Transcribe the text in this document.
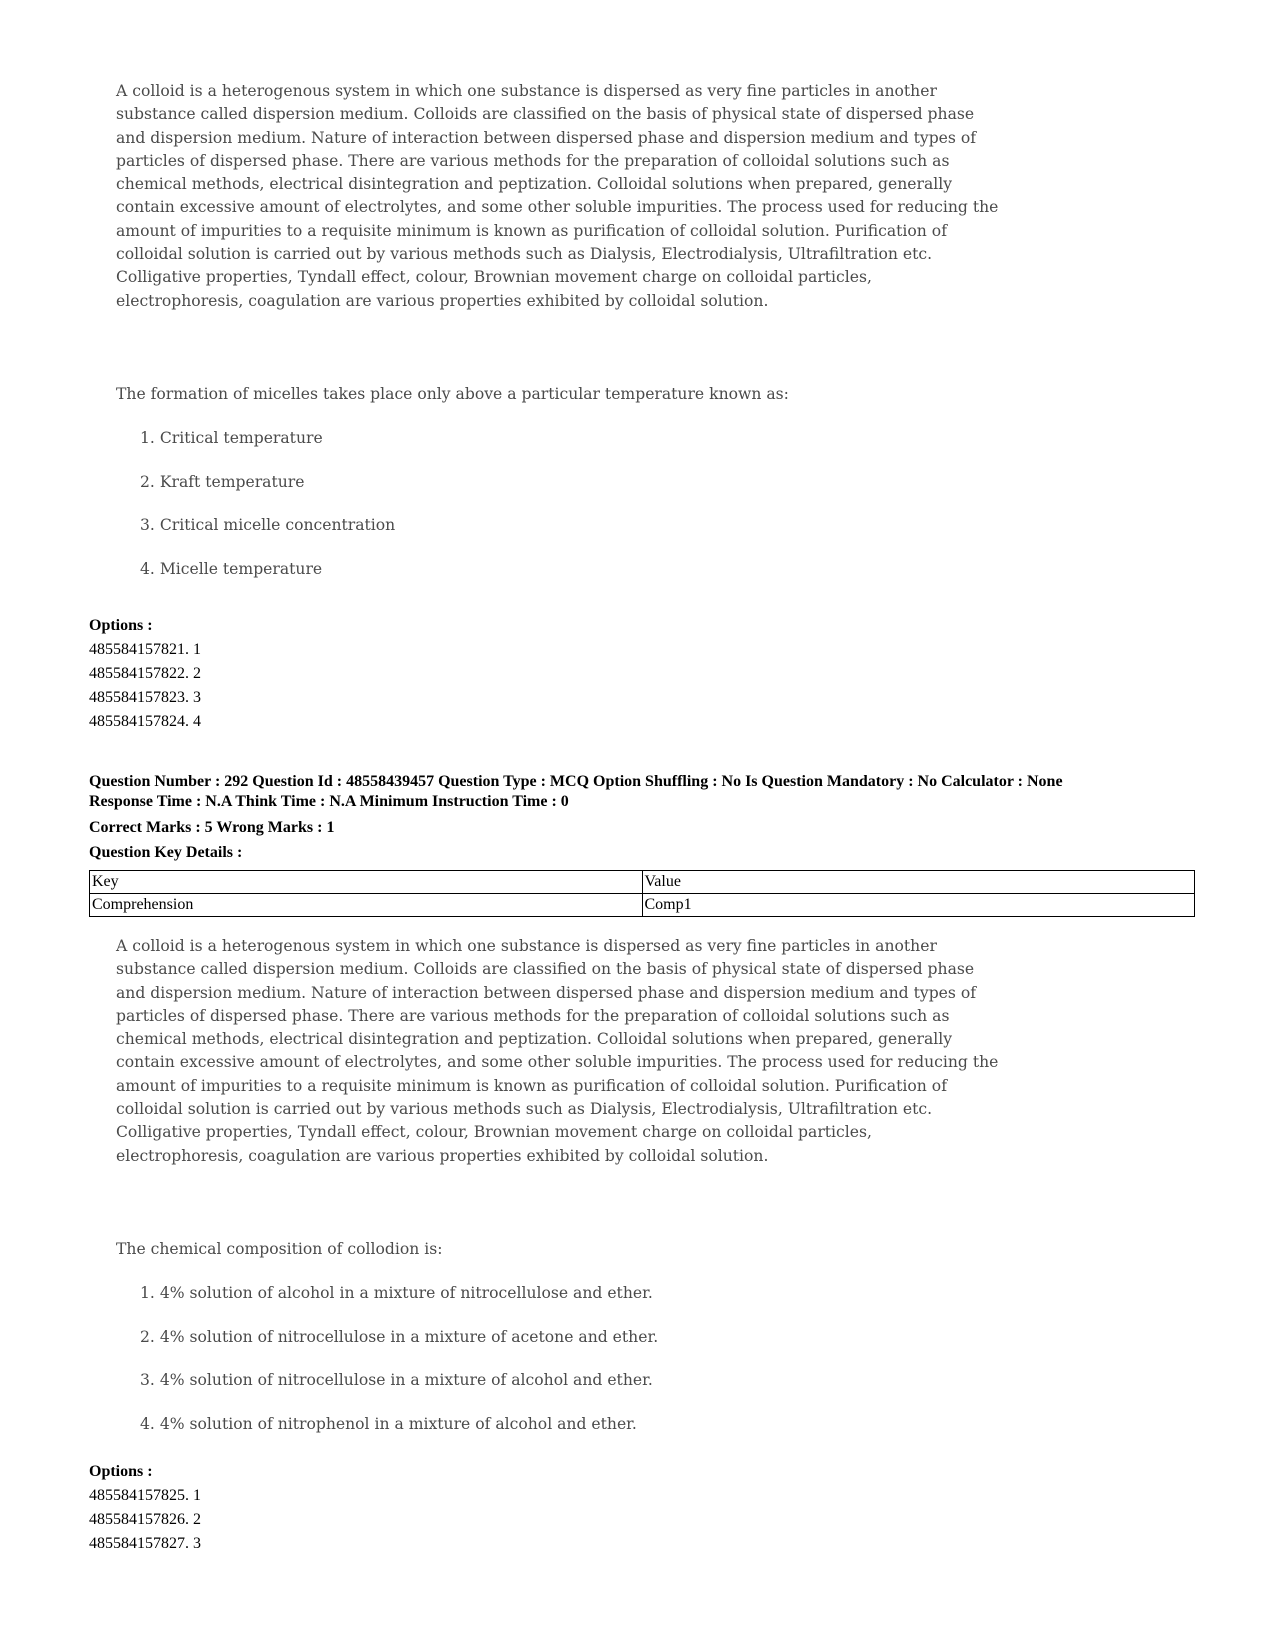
A colloid is a heterogenous system in which one substance is dispersed as very fine particles in another

substance called dispersion medium. Colloids are classified on the basis of physical state of dispersed phase

and dispersion medium. Nature of interaction between dispersed phase and dispersion medium and types of

particles of dispersed phase. There are various methods for the preparation of colloidal solutions such as

chemical methods, electrical disintegration and peptization. Colloidal solutions when prepared, generally

contain excessive amount of electrolytes, and some other soluble impurities. The process used for reducing the

amount of impurities to a requisite minimum is known as purification of colloidal solution. Purification of

colloidal solution is carried out by various methods such as Dialysis, Electrodialysis, Ultrafiltration etc.

Colligative properties, Tyndall effect, colour, Brownian movement charge on colloidal particles,

electrophoresis, coagulation are various properties exhibited by colloidal solution.

The formation of micelles takes place only above a particular temperature known as:
1. Critical temperature
2. Kraft temperature
3. Critical micelle concentration
4. Micelle temperature
Options :
485584157821. 1
485584157822. 2
485584157823. 3
485584157824. 4
Question Number : 292 Question Id : 48558439457 Question Type : MCQ Option Shuffling : No Is Question Mandatory : No Calculator : None
Response Time : N.A Think Time : N.A Minimum Instruction Time : 0
Correct Marks : 5 Wrong Marks : 1
Question Key Details :
Key	Value
Comprehension	Comp1

A colloid is a heterogenous system in which one substance is dispersed as very fine particles in another

substance called dispersion medium. Colloids are classified on the basis of physical state of dispersed phase

and dispersion medium. Nature of interaction between dispersed phase and dispersion medium and types of

particles of dispersed phase. There are various methods for the preparation of colloidal solutions such as

chemical methods, electrical disintegration and peptization. Colloidal solutions when prepared, generally

contain excessive amount of electrolytes, and some other soluble impurities. The process used for reducing the

amount of impurities to a requisite minimum is known as purification of colloidal solution. Purification of

colloidal solution is carried out by various methods such as Dialysis, Electrodialysis, Ultrafiltration etc.

Colligative properties, Tyndall effect, colour, Brownian movement charge on colloidal particles,

electrophoresis, coagulation are various properties exhibited by colloidal solution.

The chemical composition of collodion is:
1. 4% solution of alcohol in a mixture of nitrocellulose and ether.
2. 4% solution of nitrocellulose in a mixture of acetone and ether.
3. 4% solution of nitrocellulose in a mixture of alcohol and ether.
4. 4% solution of nitrophenol in a mixture of alcohol and ether.
Options :
485584157825. 1
485584157826. 2
485584157827. 3
